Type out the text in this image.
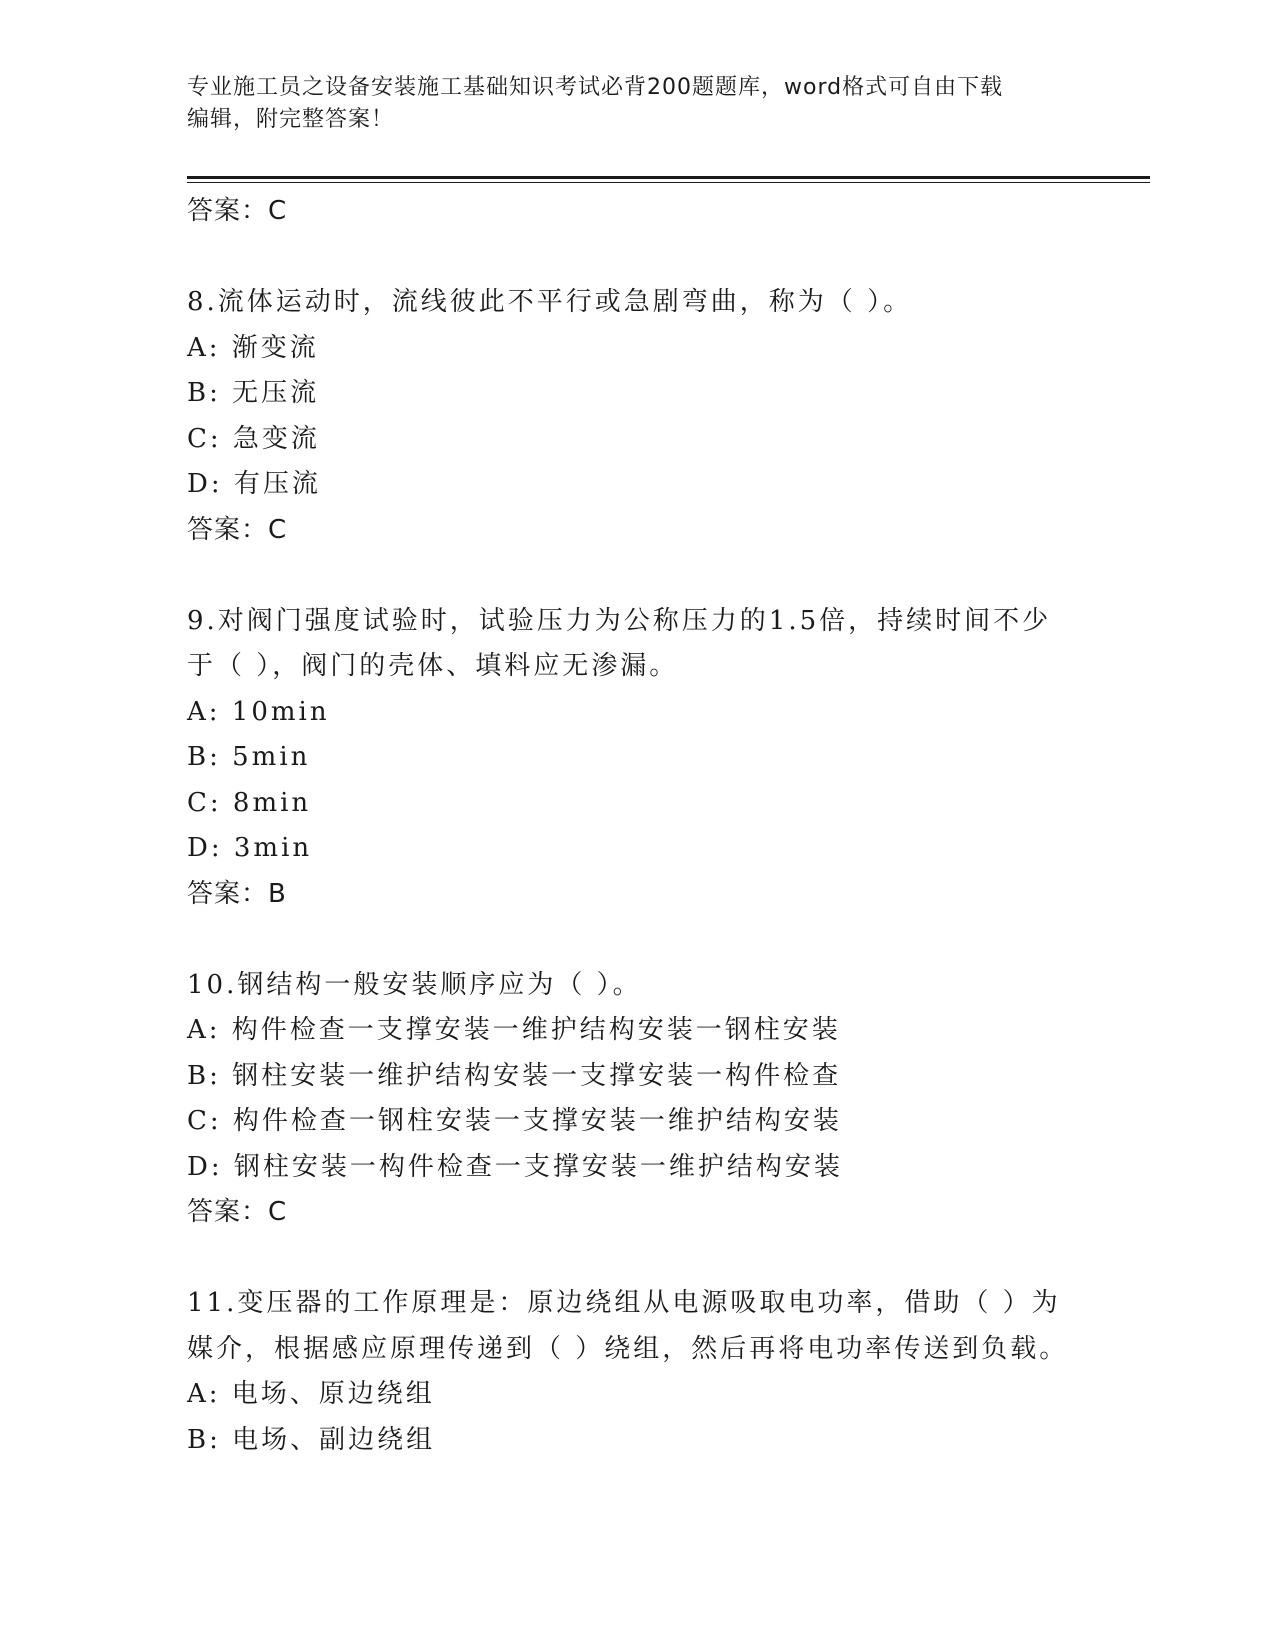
专业施工员之设备安装施工基础知识考试必背200题题库，word格式可自由下载
编辑，附完整答案！
答案：C
8.流体运动时，流线彼此不平行或急剧弯曲，称为（ ）。
A: 渐变流
B: 无压流
C: 急变流
D: 有压流
答案：C
9.对阀门强度试验时，试验压力为公称压力的1.5倍，持续时间不少
于（ ），阀门的壳体、填料应无渗漏。
A: 10min
B: 5min
C: 8min
D: 3min
答案：B
10.钢结构一般安装顺序应为（ ）。
A: 构件检查一支撑安装一维护结构安装一钢柱安装
B: 钢柱安装一维护结构安装一支撑安装一构件检查
C: 构件检查一钢柱安装一支撑安装一维护结构安装
D: 钢柱安装一构件检查一支撑安装一维护结构安装
答案：C
11.变压器的工作原理是：原边绕组从电源吸取电功率，借助（ ）为
媒介，根据感应原理传递到（ ）绕组，然后再将电功率传送到负载。
A: 电场、原边绕组
B: 电场、副边绕组
